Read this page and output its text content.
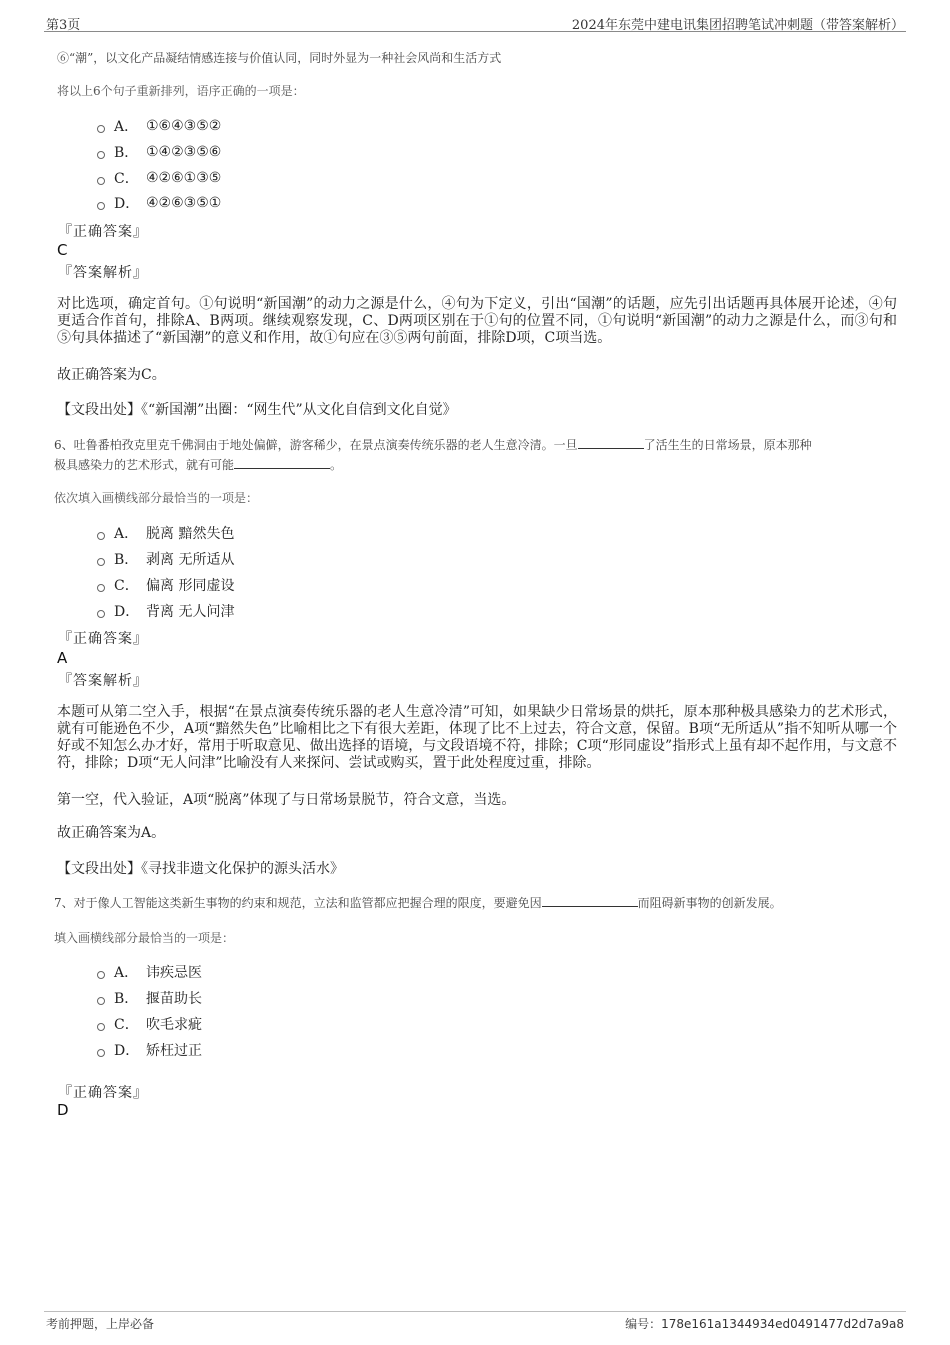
第3页	2024年东莞中建电讯集团招聘笔试冲刺题（带答案解析）
⑥“潮”，以文化产品凝结情感连接与价值认同，同时外显为一种社会风尚和生活方式
将以上6个句子重新排列，语序正确的一项是：
A． ①⑥④③⑤②
B． ①④②③⑤⑥
C． ④②⑥①③⑤
D． ④②⑥③⑤①
『正确答案』
C
『答案解析』
对比选项，确定首句。①句说明“新国潮”的动力之源是什么，④句为下定义，引出“国潮”的话题，应先引出话题再具体展开论述，④句更适合作首句，排除A、B两项。继续观察发现，C、D两项区别在于①句的位置不同，①句说明“新国潮”的动力之源是什么，而③句和⑤句具体描述了“新国潮”的意义和作用，故①句应在③⑤两句前面，排除D项，C项当选。
故正确答案为C。
【文段出处】《“新国潮”出圈：“网生代”从文化自信到文化自觉》
6、吐鲁番柏孜克里克千佛洞由于地处偏僻，游客稀少，在景点演奏传统乐器的老人生意冷清。一旦	了活生生的日常场景，原本那种
极具感染力的艺术形式，就有可能	。
依次填入画横线部分最恰当的一项是：
A． 脱离 黯然失色
B． 剥离 无所适从
C． 偏离 形同虚设
D． 背离 无人问津
『正确答案』
A
『答案解析』
本题可从第二空入手，根据“在景点演奏传统乐器的老人生意冷清”可知，如果缺少日常场景的烘托，原本那种极具感染力的艺术形式，就有可能逊色不少，A项“黯然失色”比喻相比之下有很大差距，体现了比不上过去，符合文意，保留。B项“无所适从”指不知听从哪一个好或不知怎么办才好，常用于听取意见、做出选择的语境，与文段语境不符，排除；C项“形同虚设”指形式上虽有却不起作用，与文意不符，排除；D项“无人问津”比喻没有人来探问、尝试或购买，置于此处程度过重，排除。
第一空，代入验证，A项“脱离”体现了与日常场景脱节，符合文意，当选。
故正确答案为A。
【文段出处】《寻找非遗文化保护的源头活水》
7、对于像人工智能这类新生事物的约束和规范，立法和监管都应把握合理的限度，要避免因	而阻碍新事物的创新发展。
填入画横线部分最恰当的一项是：
A． 讳疾忌医
B． 揠苗助长
C． 吹毛求疵
D． 矫枉过正
『正确答案』
D
考前押题，上岸必备	编号：178e161a1344934ed0491477d2d7a9a8
